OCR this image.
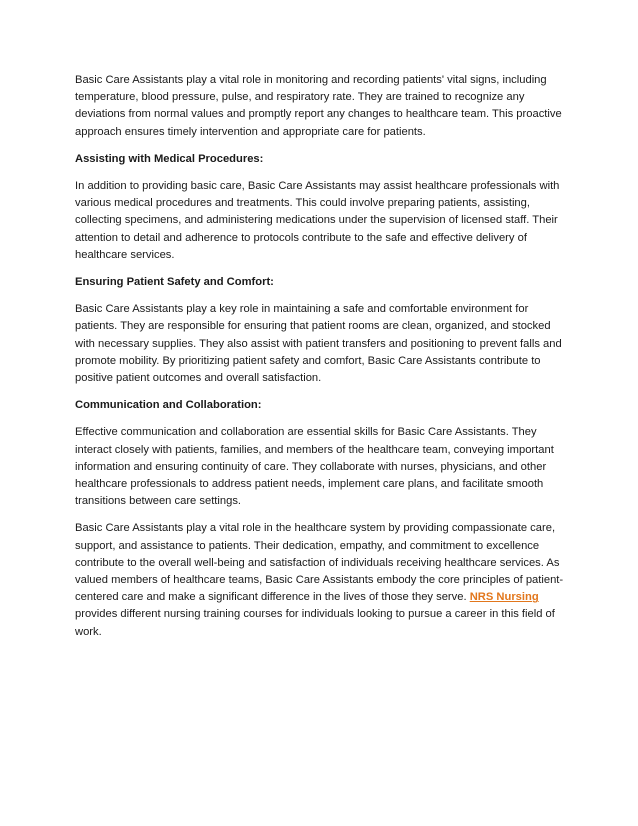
Basic Care Assistants play a vital role in monitoring and recording patients' vital signs, including temperature, blood pressure, pulse, and respiratory rate. They are trained to recognize any deviations from normal values and promptly report any changes to healthcare team. This proactive approach ensures timely intervention and appropriate care for patients.

Assisting with Medical Procedures:

In addition to providing basic care, Basic Care Assistants may assist healthcare professionals with various medical procedures and treatments. This could involve preparing patients, assisting, collecting specimens, and administering medications under the supervision of licensed staff. Their attention to detail and adherence to protocols contribute to the safe and effective delivery of healthcare services.

Ensuring Patient Safety and Comfort:

Basic Care Assistants play a key role in maintaining a safe and comfortable environment for patients. They are responsible for ensuring that patient rooms are clean, organized, and stocked with necessary supplies. They also assist with patient transfers and positioning to prevent falls and promote mobility. By prioritizing patient safety and comfort, Basic Care Assistants contribute to positive patient outcomes and overall satisfaction.

Communication and Collaboration:

Effective communication and collaboration are essential skills for Basic Care Assistants. They interact closely with patients, families, and members of the healthcare team, conveying important information and ensuring continuity of care. They collaborate with nurses, physicians, and other healthcare professionals to address patient needs, implement care plans, and facilitate smooth transitions between care settings.

Basic Care Assistants play a vital role in the healthcare system by providing compassionate care, support, and assistance to patients. Their dedication, empathy, and commitment to excellence contribute to the overall well-being and satisfaction of individuals receiving healthcare services. As valued members of healthcare teams, Basic Care Assistants embody the core principles of patient-centered care and make a significant difference in the lives of those they serve. NRS Nursing provides different nursing training courses for individuals looking to pursue a career in this field of work.
